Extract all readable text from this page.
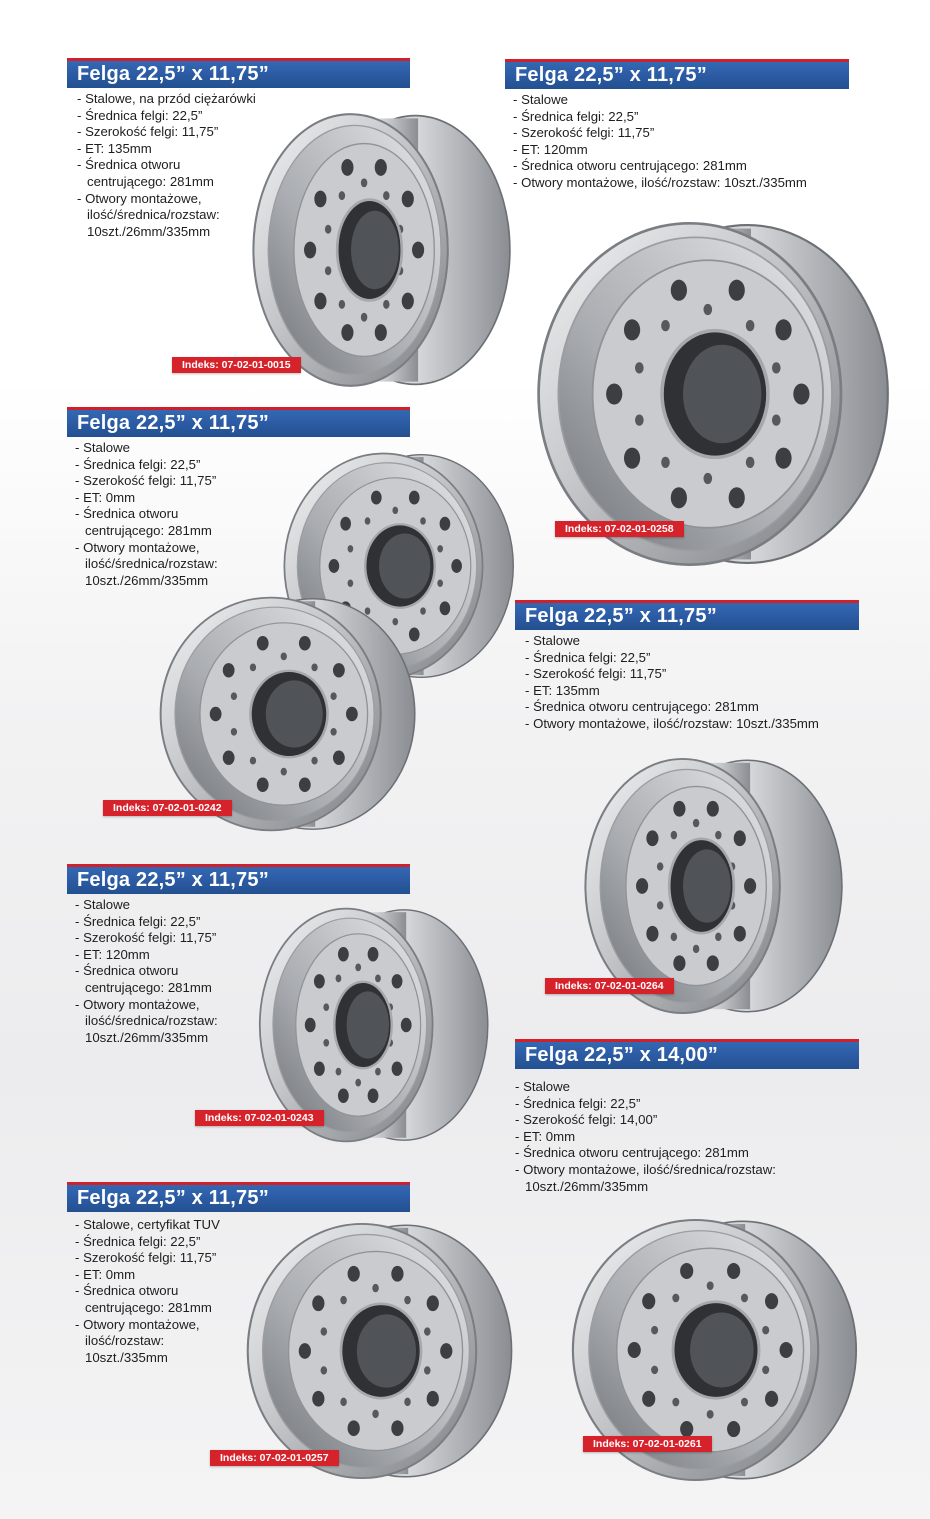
Felga 22,5” x 11,75”
- Stalowe, na przód ciężarówki
- Średnica felgi: 22,5”
- Szerokość felgi: 11,75”
- ET: 135mm
- Średnica otworu
centrującego: 281mm
- Otwory montażowe,
ilość/średnica/rozstaw:
10szt./26mm/335mm
Indeks: 07-02-01-0015
Felga 22,5” x 11,75”
- Stalowe
- Średnica felgi: 22,5”
- Szerokość felgi: 11,75”
- ET: 120mm
- Średnica otworu centrującego: 281mm
- Otwory montażowe, ilość/rozstaw: 10szt./335mm
Indeks: 07-02-01-0258
Felga 22,5” x 11,75”
- Stalowe
- Średnica felgi: 22,5”
- Szerokość felgi: 11,75”
- ET: 0mm
- Średnica otworu
centrującego: 281mm
- Otwory montażowe,
ilość/średnica/rozstaw:
10szt./26mm/335mm
Indeks: 07-02-01-0242
Felga 22,5” x 11,75”
- Stalowe
- Średnica felgi: 22,5”
- Szerokość felgi: 11,75”
- ET: 135mm
- Średnica otworu centrującego: 281mm
- Otwory montażowe, ilość/rozstaw: 10szt./335mm
Indeks: 07-02-01-0264
Felga 22,5” x 11,75”
- Stalowe
- Średnica felgi: 22,5”
- Szerokość felgi: 11,75”
- ET: 120mm
- Średnica otworu
centrującego: 281mm
- Otwory montażowe,
ilość/średnica/rozstaw:
10szt./26mm/335mm
Indeks: 07-02-01-0243
Felga 22,5” x 14,00”
- Stalowe
- Średnica felgi: 22,5”
- Szerokość felgi: 14,00”
- ET: 0mm
- Średnica otworu centrującego: 281mm
- Otwory montażowe, ilość/średnica/rozstaw:
10szt./26mm/335mm
Indeks: 07-02-01-0261
Felga 22,5” x 11,75”
- Stalowe, certyfikat TUV
- Średnica felgi: 22,5”
- Szerokość felgi: 11,75”
- ET: 0mm
- Średnica otworu
centrującego: 281mm
- Otwory montażowe,
ilość/rozstaw:
10szt./335mm
Indeks: 07-02-01-0257
